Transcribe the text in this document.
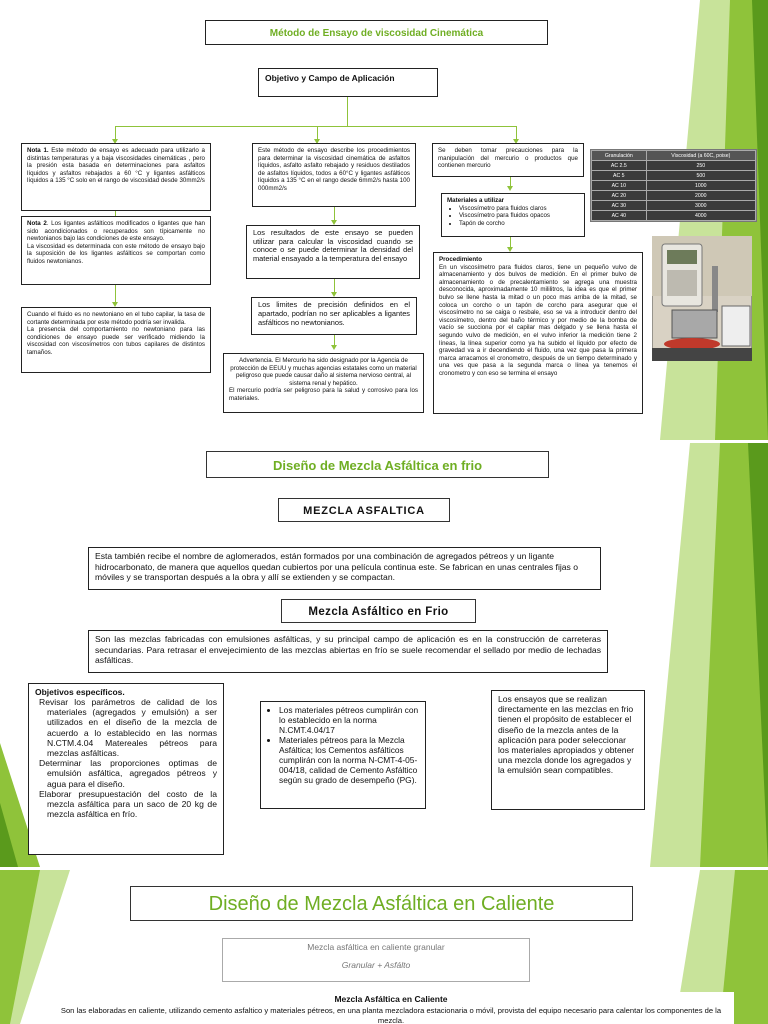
Método de Ensayo de viscosidad Cinemática
Objetivo y Campo de Aplicación
Nota 1. Este método de ensayo es adecuado para utilizarlo a distintas temperaturas y a baja viscosidades cinemáticas , pero la presión esta basada en determinaciones para asfaltos líquidos y asfaltos rebajados a 60 °C y ligantes asfálticos líquidos a 135 °C solo en el rango de viscosidad desde 30mm2/s
Nota 2. Los ligantes asfálticos modificados o ligantes que han sido acondicionados o recuperados son típicamente no newtonianos bajo las condiciones de este ensayo.
La viscosidad es determinada con este método de ensayo bajo la suposición de los ligantes asfálticos se comportan como fluidos newtonianos.
Cuando el fluido es no newtoniano en el tubo capilar, la tasa de cortante determinada por este método podría ser invalida.
La presencia del comportamiento no newtoniano para las condiciones de ensayo puede ser verificado midiendo la viscosidad con viscosímetros con tubos capilares de distintos tamaños.
Este método de ensayo describe los procedimientos para determinar la viscosidad cinemática de asfaltos líquidos, asfalto asfalto rebajado y residuos destilados de asfaltos líquidos, todos a 60°C y ligantes asfálticos líquidos a 135 °C en el rango desde 6mm2/s hasta 100 000mm2/s
Los resultados de este ensayo se pueden utilizar para calcular la viscosidad cuando se conoce o se puede determinar la densidad del material ensayado a la temperatura del ensayo
Los limites de precisión definidos en el apartado, podrían no ser aplicables a ligantes asfálticos no newtonianos.
Advertencia. El Mercurio ha sido designado por la Agencia de protección de EEUU y muchas agencias estatales como un material peligroso que puede causar daño al sistema nervioso central, al sistema renal y hepático.
El mercurio podría ser peligroso para la salud y corrosivo para los materiales.
Se deben tomar precauciones para la manipulación del mercurio o productos que contienen mercurio
Materiales a utilizar
• Viscosímetro para fluidos claros
• Viscosímetro para fluidos opacos
• Tapón de corcho
Procedimiento
En un viscosímetro para fluidos claros, tiene un pequeño vulvo de almacenamiento y dos bulvos de medición. En el primer bulvo de almacenamiento o de precalentamiento se agrega una muestra desconocida, aproximadamente 10 mililitros, la idea es que el primer bulvo se llene hasta la mitad o un poco mas arriba de la mitad, se coloca un corcho o un tapón de corcho para asegurar que el viscosímetro no se caiga o resbale, eso se va a introducir dentro del viscosímetro, dentro del baño térmico y por medio de la bomba de vacío se succiona por el capilar mas delgado y se llena hasta el segundo vulvo de medición, en el vulvo inferior la medición tiene 2 líneas, la línea superior como ya ha subido el liquido por efecto de gravedad va a ir decendiendo el fluido, una vez que pasa la primera marca arracamos el cronometro, después de un tiempo determinado y una ves que pasa a la segunda marca o línea ya tenemos el cronometro y con eso se termina el ensayo
Granulación	Viscosidad (a 60C, poise)
AC 2.5	250
AC 5	500
AC 10	1000
AC 20	2000
AC 30	3000
AC 40	4000
Diseño de Mezcla Asfáltica en frio
MEZCLA ASFALTICA
Esta también recibe el nombre de aglomerados, están formados por una combinación de agregados pétreos y un ligante hidrocarbonato, de manera que aquellos quedan cubiertos por una película continua este. Se fabrican en unas centrales fijas o móviles y se transportan después a la obra y allí se extienden y se compactan.
Mezcla Asfáltico en Frio
Son las mezclas fabricadas con emulsiones asfálticas, y su principal campo de aplicación es en la construcción de carreteras secundarias. Para retrasar el envejecimiento de las mezclas abiertas en frío se suele recomendar el sellado por medio de lechadas asfálticas.
Objetivos específicos.
Revisar los parámetros de calidad de los materiales (agregados y emulsión) a ser utilizados en el diseño de la mezcla de acuerdo a lo establecido en las normas N.CTM.4.04 Matereales pétreos para mezclas asfálticas.
Determinar las proporciones optimas de emulsión asfáltica, agregados pétreos y agua para el diseño.
Elaborar presupuestación del costo de la mezcla asfáltica para un saco de 20 kg de mezcla asfáltica en frío.
• Los materiales pétreos cumplirán con lo establecido en la norma N.CMT.4.04/17
• Materiales pétreos para la Mezcla Asfáltica; los Cementos asfálticos cumplirán con la norma N-CMT-4-05-004/18, calidad de Cemento Asfáltico según su grado de desempeño (PG).
Los ensayos que se realizan directamente en las mezclas en frio tienen el propósito de establecer el diseño de la mezcla antes de la aplicación para poder seleccionar los materiales apropiados y obtener una mezcla donde los agregados y la emulsión sean compatibles.
Diseño de Mezcla Asfáltica en Caliente
Mezcla asfáltica en caliente granular
Granular + Asfálto
Mezcla Asfáltica en Caliente
Son las elaboradas en caliente, utilizando cemento asfaltico y materiales pétreos, en una planta mezcladora estacionaria o móvil, provista del equipo necesario para calentar los componentes de la mezcla.
